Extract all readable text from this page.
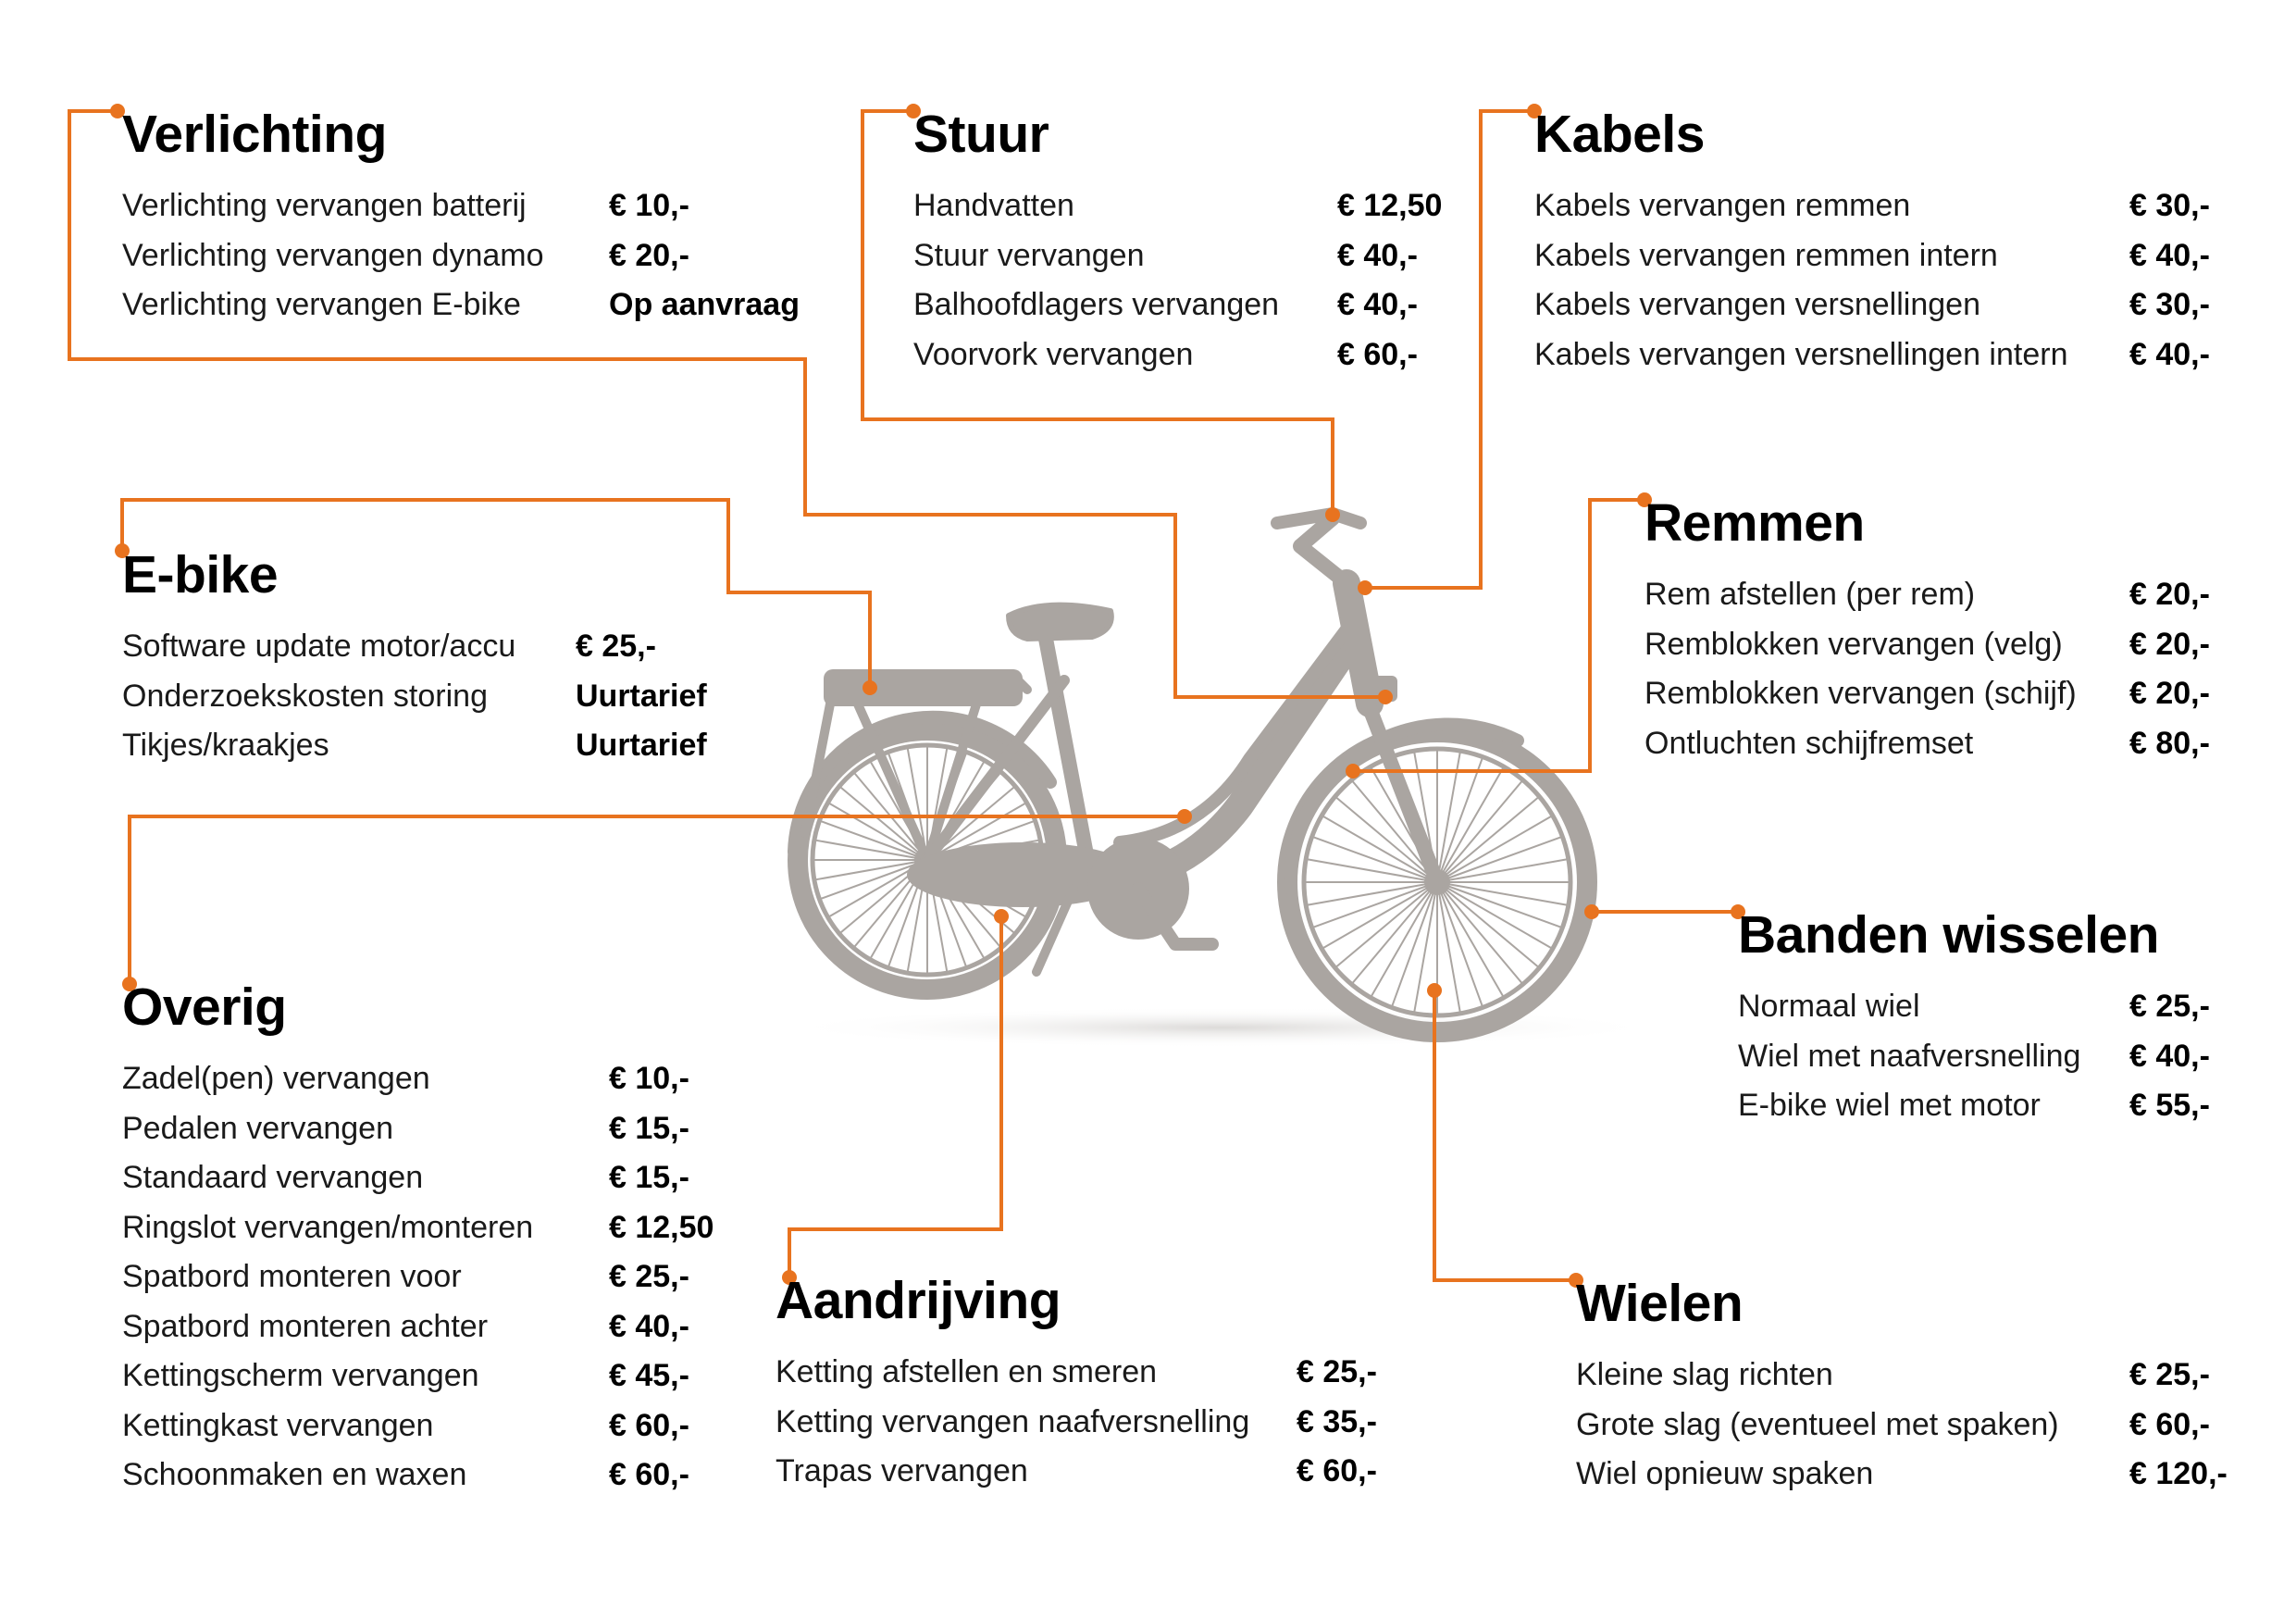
Verlichting
Verlichting vervangen batterij	€ 10,-
Verlichting vervangen dynamo € 20,-
Verlichting vervangen E-bike	Op aanvraag
Stuur
Handvatten	€ 12,50
Stuur vervangen	€ 40,-
Balhoofdlagers vervangen € 40,-
Voorvork vervangen	€ 60,-
Kabels
Kabels vervangen remmen	€ 30,-
Kabels vervangen remmen intern	€ 40,-
Kabels vervangen versnellingen	€ 30,-
Kabels vervangen versnellingen intern € 40,-
E-bike
Software update motor/accu € 25,-
Onderzoekskosten storing	Uurtarief
Tikjes/kraakjes	Uurtarief
Remmen
Rem afstellen (per rem)	€ 20,-
Remblokken vervangen (velg) € 20,-
Remblokken vervangen (schijf) € 20,-
Ontluchten schijfremset	€ 80,-
Banden wisselen
Normaal wiel	€ 25,-
Wiel met naafversnelling € 40,-
E-bike wiel met motor	€ 55,-
Overig
Zadel(pen) vervangen	€ 10,-
Pedalen vervangen	€ 15,-
Standaard vervangen	€ 15,-
Ringslot vervangen/monteren € 12,50
Spatbord monteren voor	€ 25,-
Spatbord monteren achter	€ 40,-
Kettingscherm vervangen	€ 45,-
Kettingkast vervangen	€ 60,-
Schoonmaken en waxen	€ 60,-
Aandrijving
Ketting afstellen en smeren	€ 25,-
Ketting vervangen naafversnelling € 35,-
Trapas vervangen	€ 60,-
Wielen
Kleine slag richten	€ 25,-
Grote slag (eventueel met spaken) € 60,-
Wiel opnieuw spaken	€ 120,-
